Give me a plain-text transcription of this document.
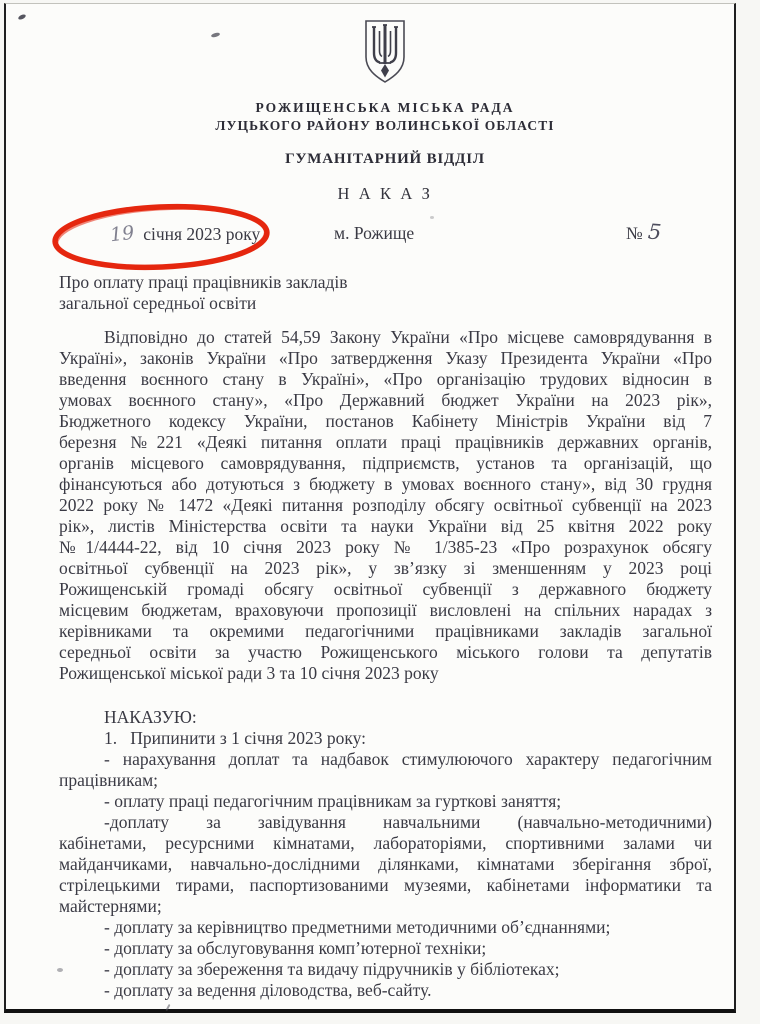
РОЖИЩЕНСЬКА МІСЬКА РАДА
ЛУЦЬКОГО РАЙОНУ ВОЛИНСЬКОЇ ОБЛАСТІ
ГУМАНІТАРНИЙ ВІДДІЛ
Н А К А З
19 січня 2023 року	м. Рожище	№ 5
Про оплату праці працівників закладів
загальної середньої освіти
Відповідно до статей 54,59 Закону України «Про місцеве самоврядування в
Україні», законів України «Про затвердження Указу Президента України «Про
введення воєнного стану в Україні», «Про організацію трудових відносин в
умовах воєнного стану», «Про Державний бюджет України на 2023 рік»,
Бюджетного кодексу України, постанов Кабінету Міністрів України від 7
березня №221 «Деякі питання оплати праці працівників державних органів,
органів місцевого самоврядування, підприємств, установ та організацій, що
фінансуються або дотуються з бюджету в умовах воєнного стану», від 30 грудня
2022 року № 1472 «Деякі питання розподілу обсягу освітньої субвенції на 2023
рік», листів Міністерства освіти та науки України від 25 квітня 2022 року
№1/4444-22, від 10 січня 2023 року № 1/385-23 «Про розрахунок обсягу
освітньої субвенції на 2023 рік», у зв’язку зі зменшенням у 2023 році
Рожищенській громаді обсягу освітньої субвенції з державного бюджету
місцевим бюджетам, враховуючи пропозиції висловлені на спільних нарадах з
керівниками та окремими педагогічними працівниками закладів загальної
середньої освіти за участю Рожищенського міського голови та депутатів
Рожищенської міської ради 3 та 10 січня 2023 року
НАКАЗУЮ:
1.   Припинити з 1 січня 2023 року:
- нарахування доплат та надбавок стимулюючого характеру педагогічним
працівникам;
- оплату праці педагогічним працівникам за гурткові заняття;
-доплату за завідування навчальними (навчально-методичними)
кабінетами, ресурсними кімнатами, лабораторіями, спортивними залами чи
майданчиками, навчально-дослідними ділянками, кімнатами зберігання зброї,
стрілецькими тирами, паспортизованими музеями, кабінетами інформатики та
майстернями;
- доплату за керівництво предметними методичними об’єднаннями;
- доплату за обслуговування комп’ютерної техніки;
- доплату за збереження та видачу підручників у бібліотеках;
- доплату за ведення діловодства, веб-сайту.
